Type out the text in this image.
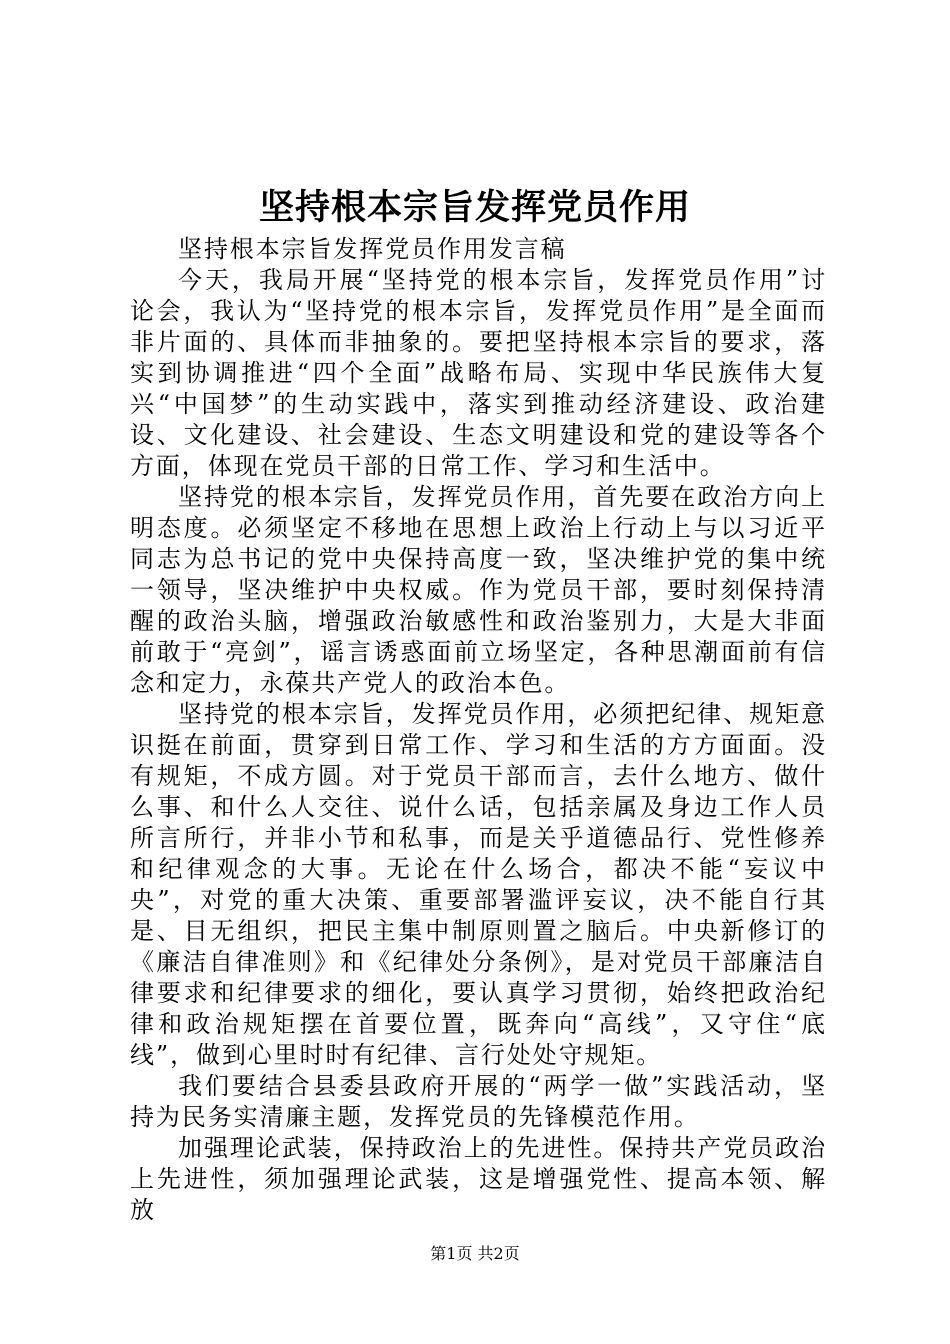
坚持根本宗旨发挥党员作用

坚持根本宗旨发挥党员作用发言稿

今天，我局开展“坚持党的根本宗旨，发挥党员作用”讨论会，我认为“坚持党的根本宗旨，发挥党员作用”是全面而非片面的、具体而非抽象的。要把坚持根本宗旨的要求，落实到协调推进“四个全面”战略布局、实现中华民族伟大复兴“中国梦”的生动实践中，落实到推动经济建设、政治建设、文化建设、社会建设、生态文明建设和党的建设等各个方面，体现在党员干部的日常工作、学习和生活中。

坚持党的根本宗旨，发挥党员作用，首先要在政治方向上明态度。必须坚定不移地在思想上政治上行动上与以习近平同志为总书记的党中央保持高度一致，坚决维护党的集中统一领导，坚决维护中央权威。作为党员干部，要时刻保持清醒的政治头脑，增强政治敏感性和政治鉴别力，大是大非面前敢于“亮剑”，谣言诱惑面前立场坚定，各种思潮面前有信念和定力，永葆共产党人的政治本色。

坚持党的根本宗旨，发挥党员作用，必须把纪律、规矩意识挺在前面，贯穿到日常工作、学习和生活的方方面面。没有规矩，不成方圆。对于党员干部而言，去什么地方、做什么事、和什么人交往、说什么话，包括亲属及身边工作人员所言所行，并非小节和私事，而是关乎道德品行、党性修养和纪律观念的大事。无论在什么场合，都决不能“妄议中央”，对党的重大决策、重要部署滥评妄议，决不能自行其是、目无组织，把民主集中制原则置之脑后。中央新修订的《廉洁自律准则》和《纪律处分条例》，是对党员干部廉洁自律要求和纪律要求的细化，要认真学习贯彻，始终把政治纪律和政治规矩摆在首要位置，既奔向“高线”，又守住“底线”，做到心里时时有纪律、言行处处守规矩。

我们要结合县委县政府开展的“两学一做”实践活动，坚持为民务实清廉主题，发挥党员的先锋模范作用。

加强理论武装，保持政治上的先进性。保持共产党员政治上先进性，须加强理论武装，这是增强党性、提高本领、解放

第1页 共2页
